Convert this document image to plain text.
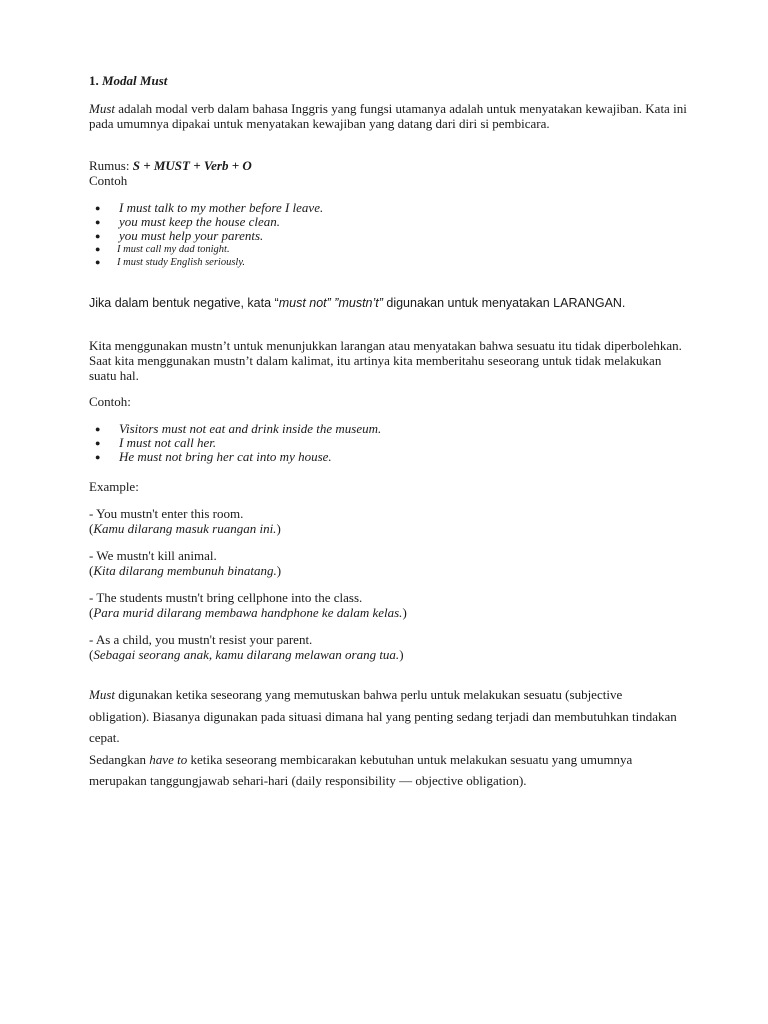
1. Modal Must

Must adalah modal verb dalam bahasa Inggris yang fungsi utamanya adalah untuk menyatakan kewajiban. Kata ini pada umumnya dipakai untuk menyatakan kewajiban yang datang dari diri si pembicara.

Rumus: S + MUST + Verb + O
Contoh
● I must talk to my mother before I leave.
● you must keep the house clean.
● you must help your parents.
● I must call my dad tonight.
● I must study English seriously.

Jika dalam bentuk negative, kata “must not” ”mustn’t” digunakan untuk menyatakan LARANGAN.

Kita menggunakan mustn’t untuk menunjukkan larangan atau menyatakan bahwa sesuatu itu tidak diperbolehkan. Saat kita menggunakan mustn’t dalam kalimat, itu artinya kita memberitahu seseorang untuk tidak melakukan suatu hal.
Contoh:
● Visitors must not eat and drink inside the museum.
● I must not call her.
● He must not bring her cat into my house.
Example:
- You mustn't enter this room.
(Kamu dilarang masuk ruangan ini.)
- We mustn't kill animal.
(Kita dilarang membunuh binatang.)
- The students mustn't bring cellphone into the class.
(Para murid dilarang membawa handphone ke dalam kelas.)
- As a child, you mustn't resist your parent.
(Sebagai seorang anak, kamu dilarang melawan orang tua.)

Must digunakan ketika seseorang yang memutuskan bahwa perlu untuk melakukan sesuatu (subjective obligation). Biasanya digunakan pada situasi dimana hal yang penting sedang terjadi dan membutuhkan tindakan cepat.

Sedangkan have to ketika seseorang membicarakan kebutuhan untuk melakukan sesuatu yang umumnya merupakan tanggungjawab sehari-hari (daily responsibility — objective obligation).
